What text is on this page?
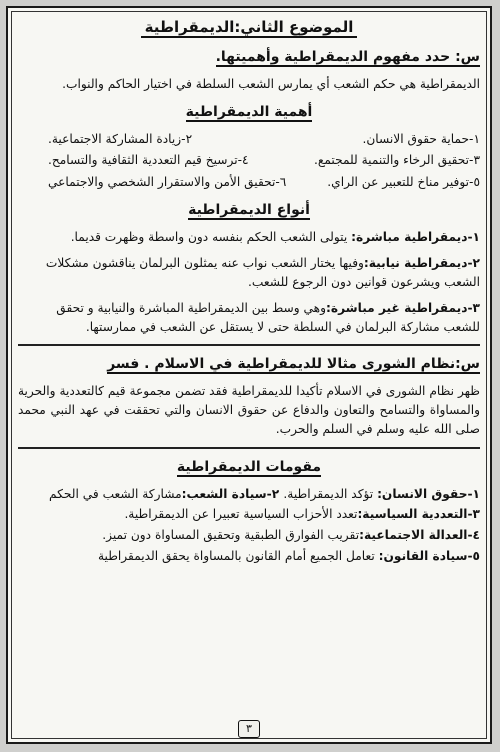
الموضوع الثاني:الديمقراطية
س: حدد مفهوم الديمقراطية وأهميتها.

الديمقراطية هي حكم الشعب أي يمارس الشعب السلطة في اختيار الحاكم والنواب.

أهمية الديمقراطية
١-حماية حقوق الانسان.
٢-زيادة المشاركة الاجتماعية.
٣-تحقيق الرخاء والتنمية للمجتمع.
٤-ترسيخ قيم التعددية الثقافية والتسامح.
٥-توفير مناخ للتعبير عن الراي.
٦-تحقيق الأمن والاستقرار الشخصي والاجتماعي
أنواع الديمقراطية

١-ديمقراطية مباشرة: يتولى الشعب الحكم بنفسه دون واسطة وظهرت قديما.

٢-ديمقراطية نيابية:وفيها يختار الشعب نواب عنه يمثلون البرلمان يناقشون مشكلات الشعب ويشرعون قوانين دون الرجوع للشعب.

٣-ديمقراطية غير مباشرة:وهي وسط بين الديمقراطية المباشرة والنيابية و تحقق للشعب مشاركة البرلمان في السلطة حتى لا يستقل عن الشعب في ممارستها.

س:نظام الشورى مثالا للديمقراطية في الاسلام . فسر

ظهر نظام الشورى في الاسلام تأكيدا للديمقراطية فقد تضمن مجموعة قيم كالتعددية والحرية والمساواة والتسامح والتعاون والدفاع عن حقوق الانسان والتي تحققت في عهد النبي محمد صلى الله عليه وسلم في السلم والحرب.

مقومات الديمقراطية

١-حقوق الانسان: تؤكد الديمقراطية. ٢-سيادة الشعب:مشاركة الشعب في الحكم

٣-التعددية السياسية:تعدد الأحزاب السياسية تعبيرا عن الديمقراطية.

٤-العدالة الاجتماعية:تقريب الفوارق الطبقية وتحقيق المساواة دون تميز.

٥-سيادة القانون: تعامل الجميع أمام القانون بالمساواة يحقق الديمقراطية

٣
